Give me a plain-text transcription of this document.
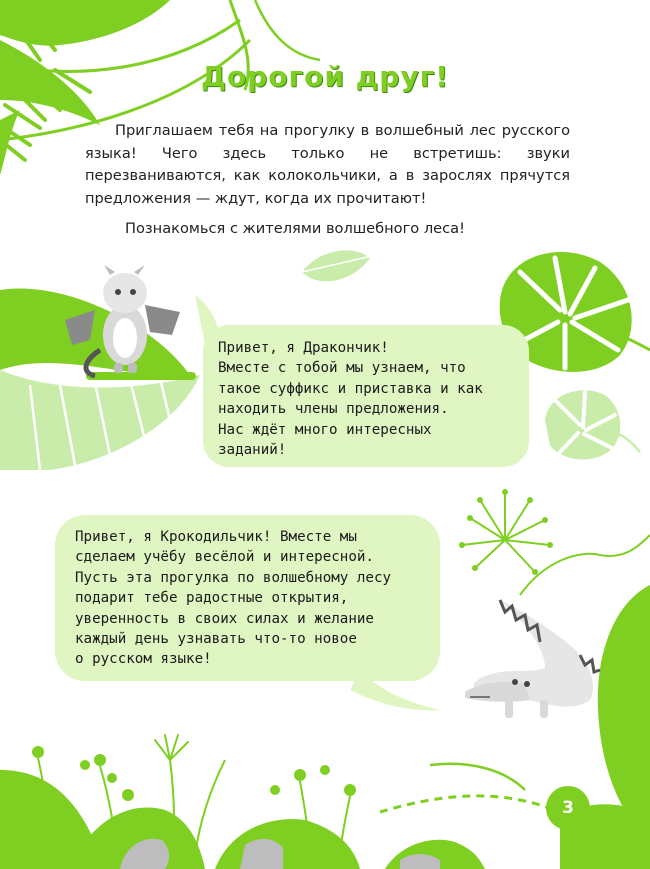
Дорогой друг!

Приглашаем тебя на прогулку в волшебный лес русского языка! Чего здесь только не встретишь: звуки перезваниваются, как колокольчики, а в зарослях прячутся предложения — ждут, когда их прочитают!

Познакомься с жителями волшебного леса!

Привет, я Дракончик!
Вместе с тобой мы узнаем, что
такое суффикс и приставка и как
находить члены предложения.
Нас ждёт много интересных
заданий!
Привет, я Крокодильчик! Вместе мы
сделаем учёбу весёлой и интересной.
Пусть эта прогулка по волшебному лесу
подарит тебе радостные открытия,
уверенность в своих силах и желание
каждый день узнавать что-то новое
о русском языке!
3
